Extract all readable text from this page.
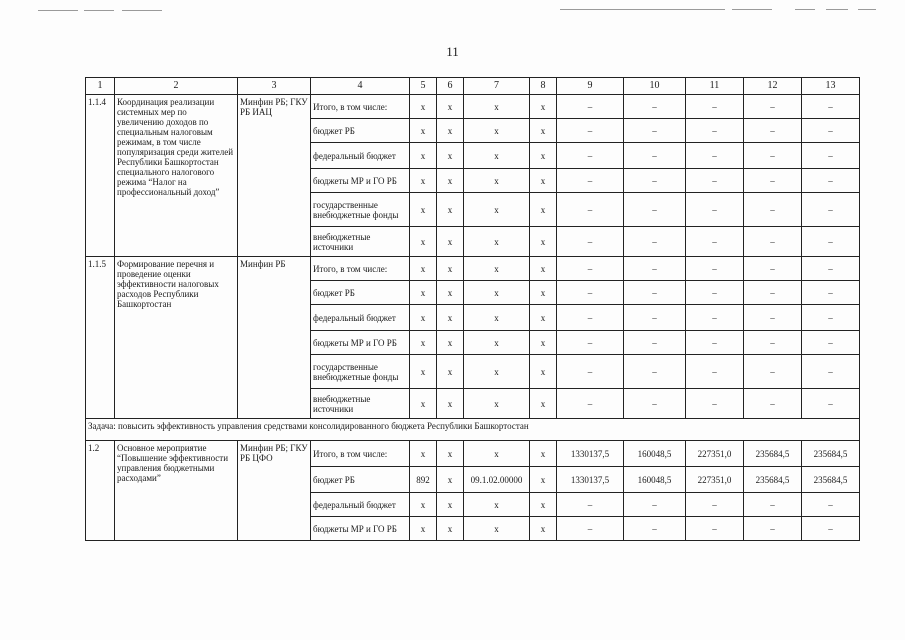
11
1	2	3	4	5	6	7	8	9	10	11	12	13
1.1.4	Координация реализации системных мер по увеличению доходов по специальным налоговым режимам, в том числе популяризация среди жителей Республики Башкортостан специального налогового режима “Налог на профессиональный доход”	Минфин РБ; ГКУ РБ ИАЦ	Итого, в том числе:	x	x	x	x	–	–	–	–	–
			бюджет РБ	x	x	x	x	–	–	–	–	–
			федеральный бюджет	x	x	x	x	–	–	–	–	–
			бюджеты МР и ГО РБ	x	x	x	x	–	–	–	–	–
			государственные внебюджетные фонды	x	x	x	x	–	–	–	–	–
			внебюджетные источники	x	x	x	x	–	–	–	–	–
1.1.5	Формирование перечня и проведение оценки эффективности налоговых расходов Республики Башкортостан	Минфин РБ	Итого, в том числе:	x	x	x	x	–	–	–	–	–
			бюджет РБ	x	x	x	x	–	–	–	–	–
			федеральный бюджет	x	x	x	x	–	–	–	–	–
			бюджеты МР и ГО РБ	x	x	x	x	–	–	–	–	–
			государственные внебюджетные фонды	x	x	x	x	–	–	–	–	–
			внебюджетные источники	x	x	x	x	–	–	–	–	–
Задача: повысить эффективность управления средствами консолидированного бюджета Республики Башкортостан												
1.2	Основное мероприятие “Повышение эффективности управления бюджетными расходами”	Минфин РБ; ГКУ РБ ЦФО	Итого, в том числе:	x	x	x	x	1330137,5	160048,5	227351,0	235684,5	235684,5
			бюджет РБ	892	x	09.1.02.00000	x	1330137,5	160048,5	227351,0	235684,5	235684,5
			федеральный бюджет	x	x	x	x	–	–	–	–	–
			бюджеты МР и ГО РБ	x	x	x	x	–	–	–	–	–
